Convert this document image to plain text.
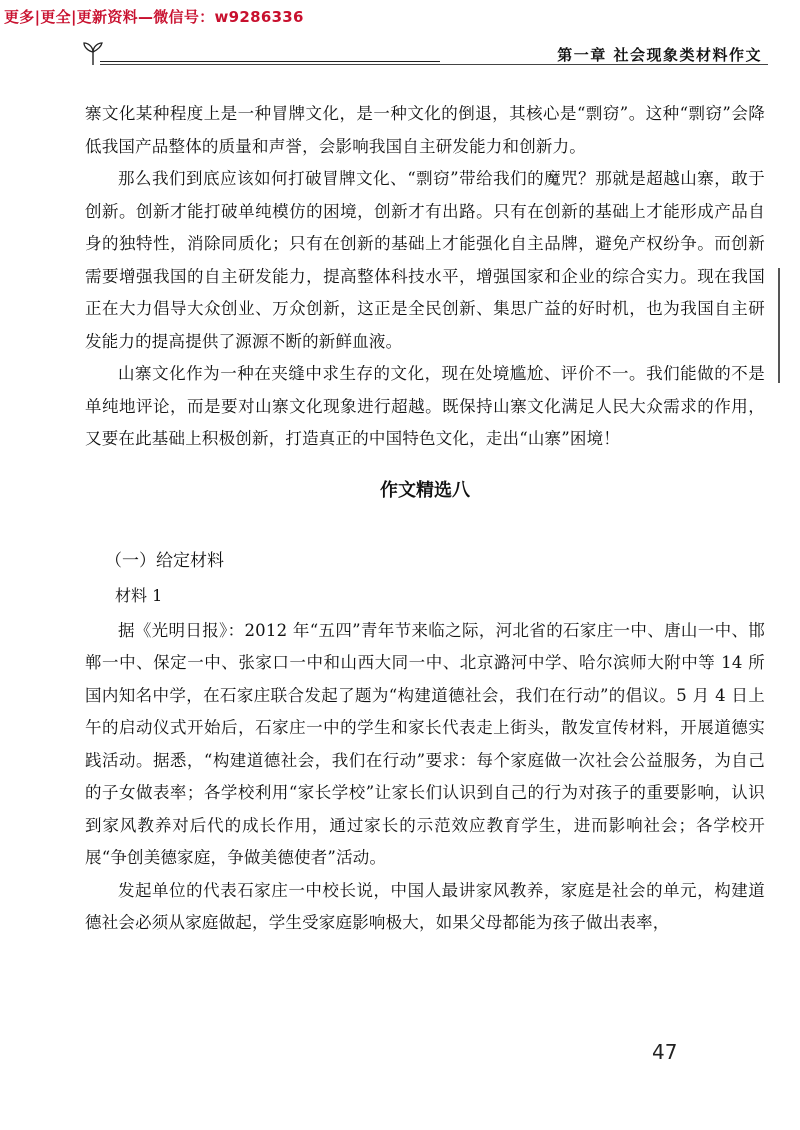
更多|更全|更新资料—微信号：w9286336
第一章 社会现象类材料作文

寨文化某种程度上是一种冒牌文化，是一种文化的倒退，其核心是“剽窃”。这种“剽窃”会降低我国产品整体的质量和声誉，会影响我国自主研发能力和创新力。

那么我们到底应该如何打破冒牌文化、“剽窃”带给我们的魔咒？那就是超越山寨，敢于创新。创新才能打破单纯模仿的困境，创新才有出路。只有在创新的基础上才能形成产品自身的独特性，消除同质化；只有在创新的基础上才能强化自主品牌，避免产权纷争。而创新需要增强我国的自主研发能力，提高整体科技水平，增强国家和企业的综合实力。现在我国正在大力倡导大众创业、万众创新，这正是全民创新、集思广益的好时机，也为我国自主研发能力的提高提供了源源不断的新鲜血液。

山寨文化作为一种在夹缝中求生存的文化，现在处境尴尬、评价不一。我们能做的不是单纯地评论，而是要对山寨文化现象进行超越。既保持山寨文化满足人民大众需求的作用，又要在此基础上积极创新，打造真正的中国特色文化，走出“山寨”困境！

作文精选八
（一）给定材料
材料 1

据《光明日报》：2012 年“五四”青年节来临之际，河北省的石家庄一中、唐山一中、邯郸一中、保定一中、张家口一中和山西大同一中、北京潞河中学、哈尔滨师大附中等 14 所国内知名中学，在石家庄联合发起了题为“构建道德社会，我们在行动”的倡议。5 月 4 日上午的启动仪式开始后，石家庄一中的学生和家长代表走上街头，散发宣传材料，开展道德实践活动。据悉，“构建道德社会，我们在行动”要求：每个家庭做一次社会公益服务，为自己的子女做表率；各学校利用“家长学校”让家长们认识到自己的行为对孩子的重要影响，认识到家风教养对后代的成长作用，通过家长的示范效应教育学生，进而影响社会；各学校开展“争创美德家庭，争做美德使者”活动。

发起单位的代表石家庄一中校长说，中国人最讲家风教养，家庭是社会的单元，构建道德社会必须从家庭做起，学生受家庭影响极大，如果父母都能为孩子做出表率，

47
